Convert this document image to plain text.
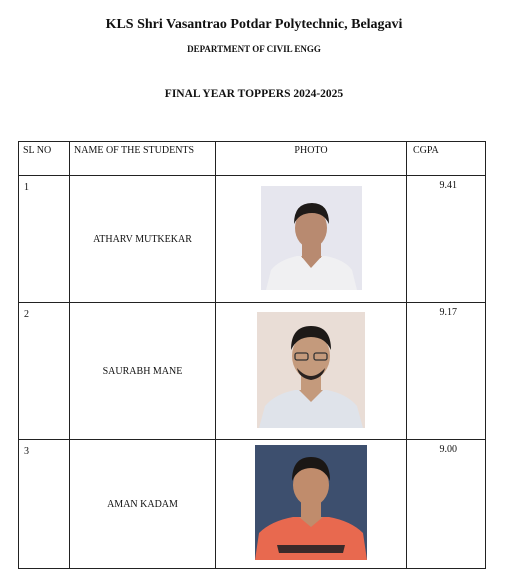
KLS Shri Vasantrao Potdar Polytechnic, Belagavi
DEPARTMENT OF CIVIL ENGG
FINAL YEAR TOPPERS 2024-2025
SL NO	NAME OF THE STUDENTS	PHOTO	CGPA
1	ATHARV MUTKEKAR		9.41
2	SAURABH MANE		9.17
3	AMAN KADAM		9.00
